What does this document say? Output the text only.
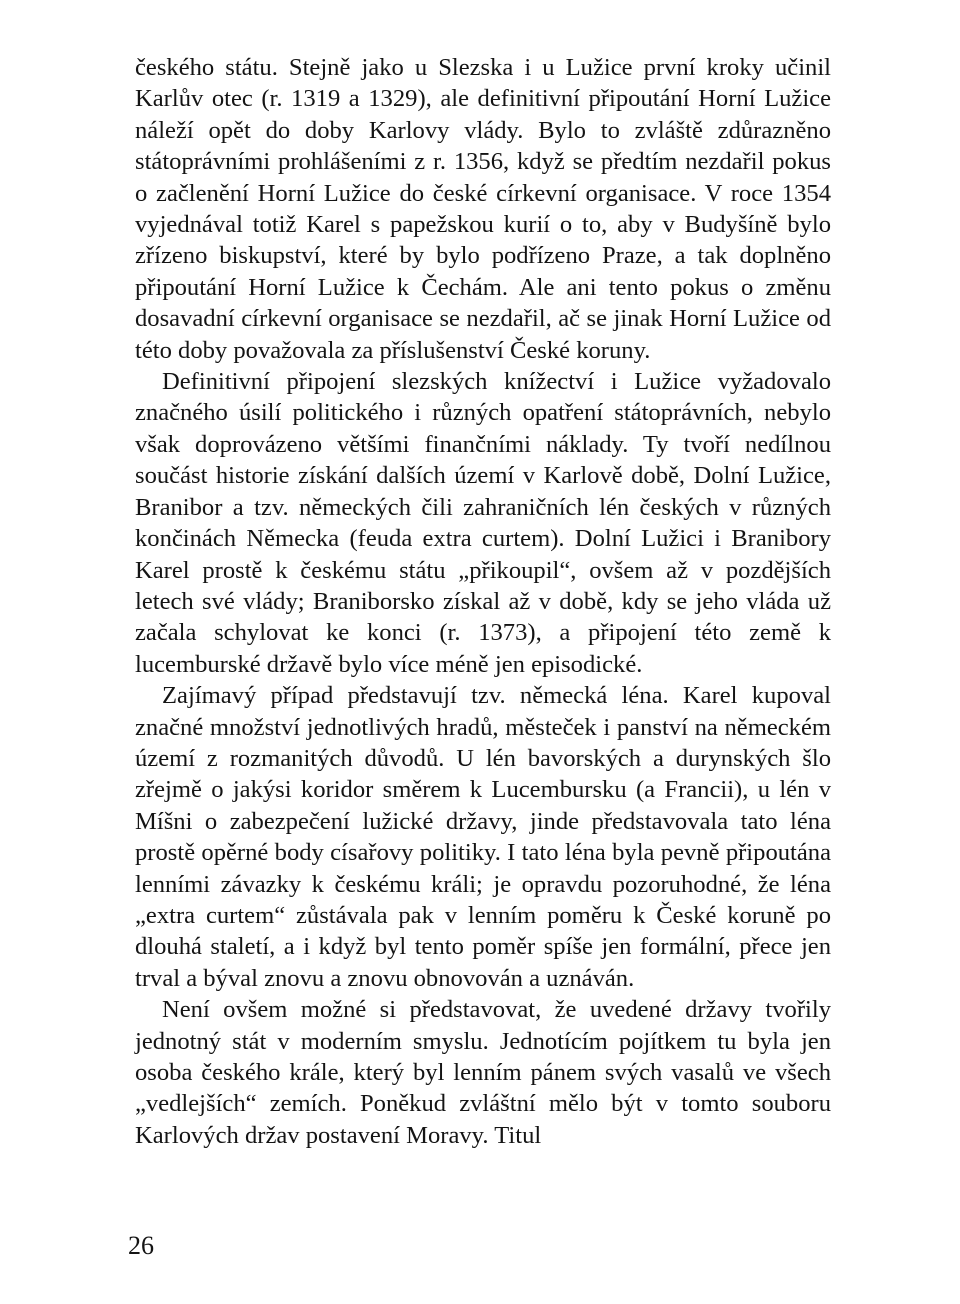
českého státu. Stejně jako u Slezska i u Lužice první kroky učinil Karlův otec (r. 1319 a 1329), ale definitivní připoutání Horní Lužice náleží opět do doby Karlovy vlády. Bylo to zvláště zdůrazněno státoprávními prohlášeními z r. 1356, když se předtím nezdařil pokus o začlenění Horní Lužice do české církevní organisace. V roce 1354 vyjednával totiž Karel s papežskou kurií o to, aby v Budyšíně bylo zřízeno biskupství, které by bylo podřízeno Praze, a tak doplněno připoutání Horní Lužice k Čechám. Ale ani tento pokus o změnu dosavadní církevní organisace se nezdařil, ač se jinak Horní Lužice od této doby považovala za příslušenství České koruny.

Definitivní připojení slezských knížectví i Lužice vyžadovalo značného úsilí politického i různých opatření státoprávních, nebylo však doprovázeno většími finančními náklady. Ty tvoří nedílnou součást historie získání dalších území v Karlově době, Dolní Lužice, Branibor a tzv. německých čili zahraničních lén českých v různých končinách Německa (feuda extra curtem). Dolní Lužici i Branibory Karel prostě k českému státu „přikoupil“, ovšem až v pozdějších letech své vlády; Braniborsko získal až v době, kdy se jeho vláda už začala schylovat ke konci (r. 1373), a připojení této země k lucemburské državě bylo více méně jen episodické.

Zajímavý případ představují tzv. německá léna. Karel kupoval značné množství jednotlivých hradů, městeček i panství na německém území z rozmanitých důvodů. U lén bavorských a durynských šlo zřejmě o jakýsi koridor směrem k Lucembursku (a Francii), u lén v Míšni o zabezpečení lužické državy, jinde představovala tato léna prostě opěrné body císařovy politiky. I tato léna byla pevně připoutána lenními závazky k českému králi; je opravdu pozoruhodné, že léna „extra curtem“ zůstávala pak v lenním poměru k České koruně po dlouhá staletí, a i když byl tento poměr spíše jen formální, přece jen trval a býval znovu a znovu obnovován a uznáván.

Není ovšem možné si představovat, že uvedené državy tvořily jednotný stát v moderním smyslu. Jednotícím pojítkem tu byla jen osoba českého krále, který byl lenním pánem svých vasalů ve všech „vedlejších“ zemích. Poněkud zvláštní mělo být v tomto souboru Karlových držav postavení Moravy. Titul

26
